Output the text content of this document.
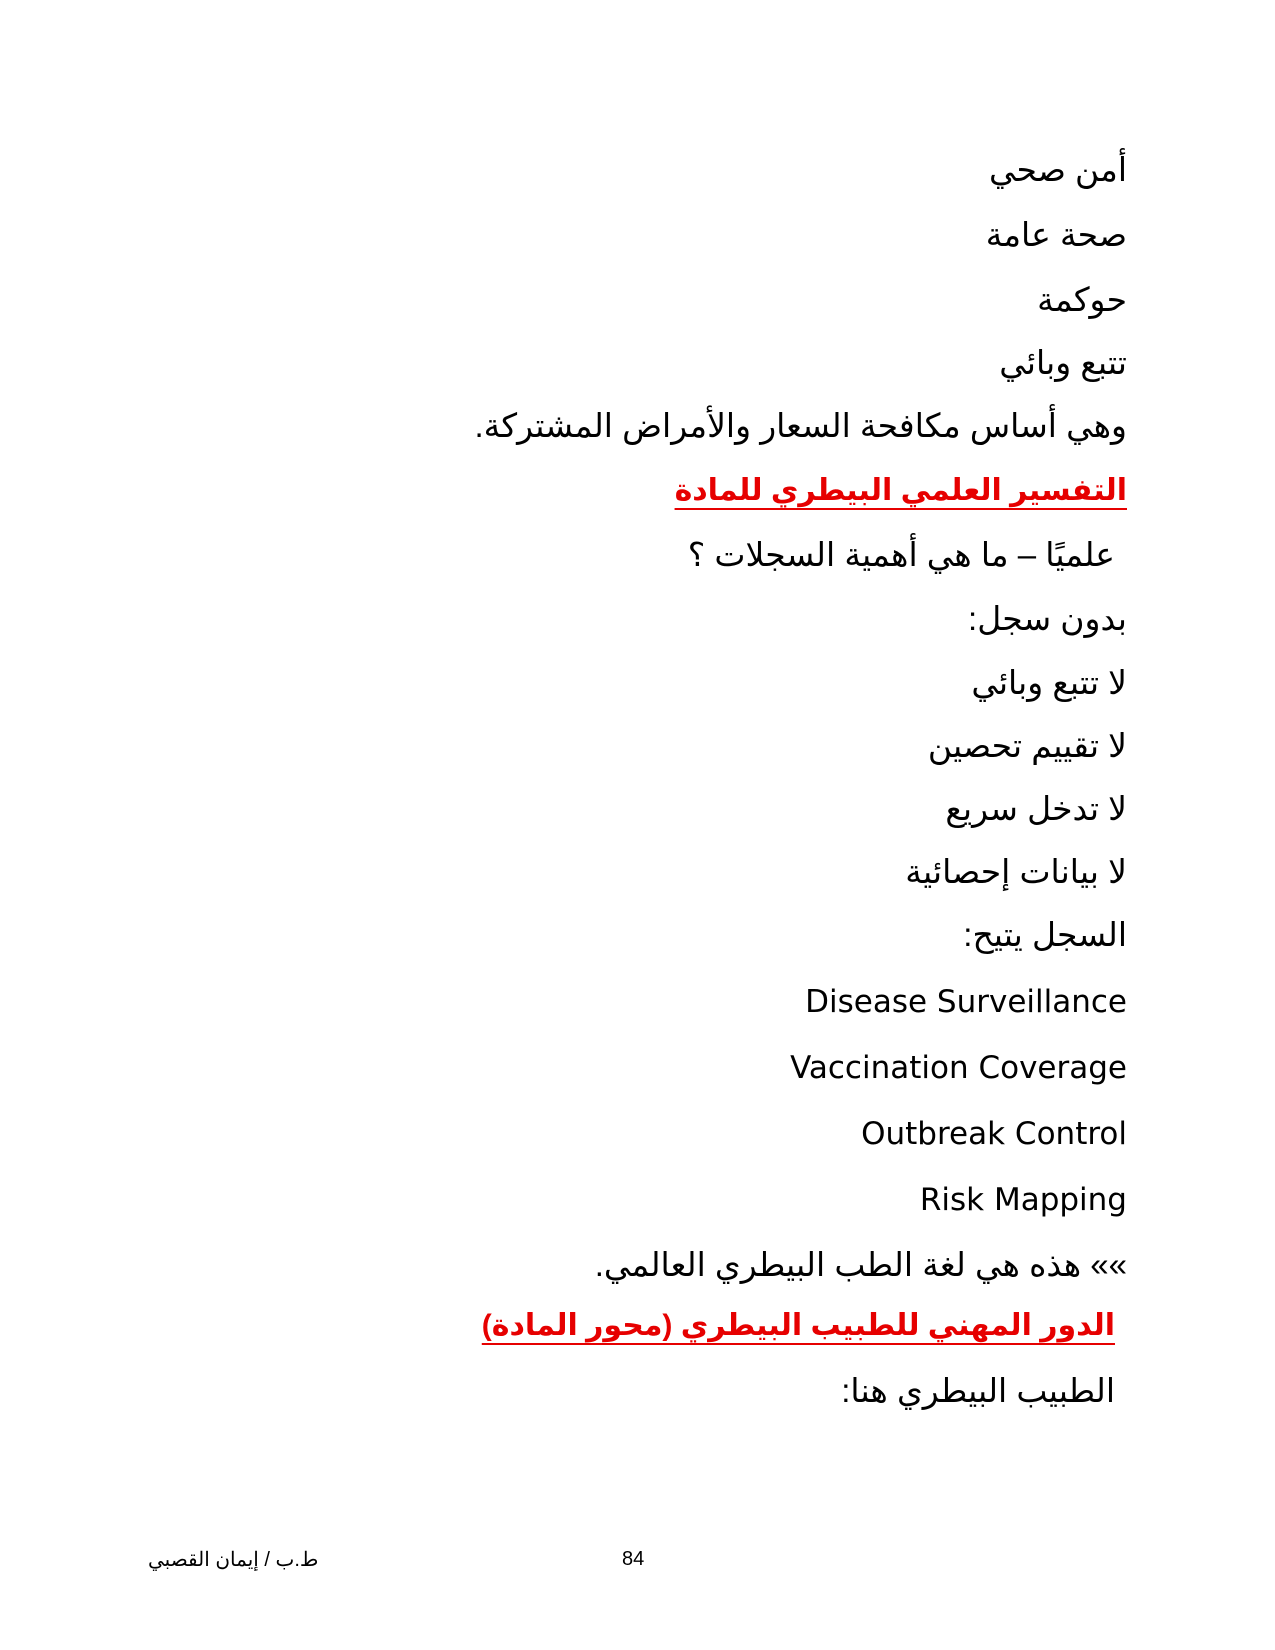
أمن صحي
صحة عامة
حوكمة
تتبع وبائي
وهي أساس مكافحة السعار والأمراض المشتركة.
التفسير العلمي البيطري للمادة
علميًا – ما هي أهمية السجلات ؟
بدون سجل:
لا تتبع وبائي
لا تقييم تحصين
لا تدخل سريع
لا بيانات إحصائية
السجل يتيح:
Disease Surveillance
Vaccination Coverage
Outbreak Control
Risk Mapping
»» هذه هي لغة الطب البيطري العالمي.
الدور المهني للطبيب البيطري (محور المادة)
الطبيب البيطري هنا:
ط.ب / إيمان القصبي	84
